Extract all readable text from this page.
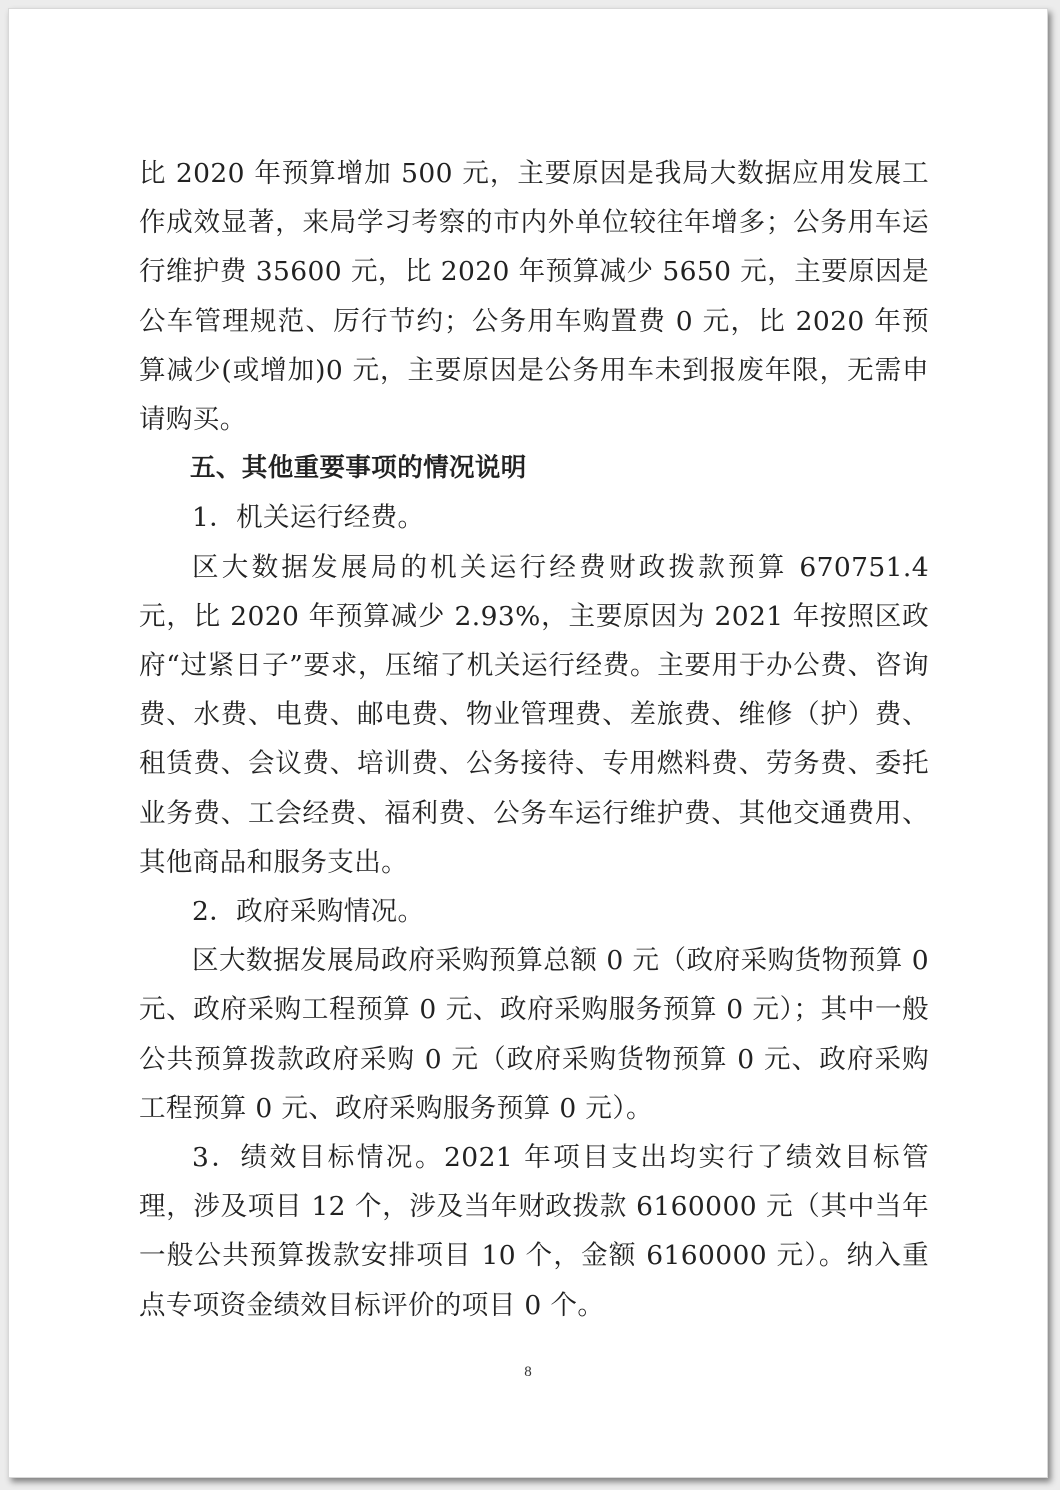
比 2020 年预算增加 500 元，主要原因是我局大数据应用发展工作成效显著，来局学习考察的市内外单位较往年增多；公务用车运行维护费 35600 元，比 2020 年预算减少 5650 元，主要原因是公车管理规范、厉行节约；公务用车购置费 0 元，比 2020 年预算减少(或增加)0 元，主要原因是公务用车未到报废年限，无需申请购买。

五、其他重要事项的情况说明

1．机关运行经费。

区大数据发展局的机关运行经费财政拨款预算 670751.4 元，比 2020 年预算减少 2.93%，主要原因为 2021 年按照区政府“过紧日子”要求，压缩了机关运行经费。主要用于办公费、咨询费、水费、电费、邮电费、物业管理费、差旅费、维修（护）费、租赁费、会议费、培训费、公务接待、专用燃料费、劳务费、委托业务费、工会经费、福利费、公务车运行维护费、其他交通费用、其他商品和服务支出。

2．政府采购情况。

区大数据发展局政府采购预算总额 0 元（政府采购货物预算 0 元、政府采购工程预算 0 元、政府采购服务预算 0 元）；其中一般公共预算拨款政府采购 0 元（政府采购货物预算 0 元、政府采购工程预算 0 元、政府采购服务预算 0 元）。

3．绩效目标情况。2021 年项目支出均实行了绩效目标管理，涉及项目 12 个，涉及当年财政拨款 6160000 元（其中当年一般公共预算拨款安排项目 10 个，金额 6160000 元）。纳入重点专项资金绩效目标评价的项目 0 个。

8
